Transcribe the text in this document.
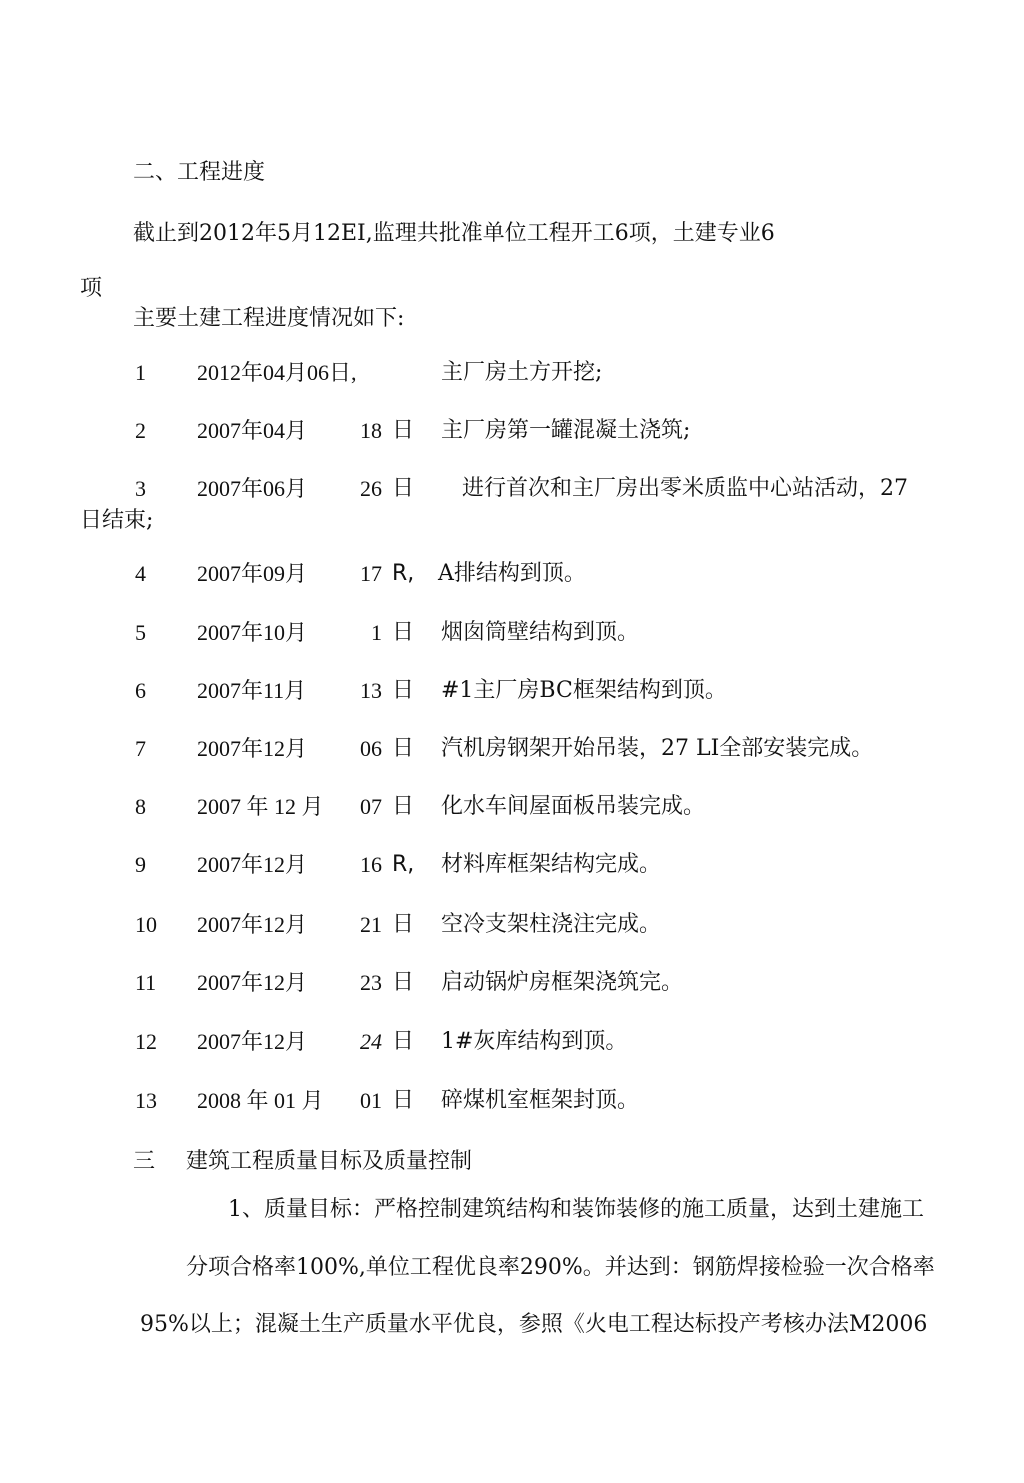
二、工程进度
截止到2012年5月12EI,监理共批准单位工程开工6项，土建专业6
项
主要土建工程进度情况如下:
1 2012年04月06日,	主厂房土方开挖;
2 2007年04月 18 日 主厂房第一罐混凝土浇筑;
3 2007年06月 26 日 进行首次和主厂房出零米质监中心站活动，27
日结束;
4 2007年09月 17 R, A排结构到顶。
5 2007年10月	1 日 烟囱筒壁结构到顶。
6 2007年11月 13 日 #1主厂房BC框架结构到顶。
7 2007年12月 06 日 汽机房钢架开始吊装，27 LI全部安装完成。
8 2007 年 12 月 07 日 化水车间屋面板吊装完成。
9 2007年12月 16 R, 材料库框架结构完成。
10 2007年12月 21 日 空冷支架柱浇注完成。
11 2007年12月 23 日 启动锅炉房框架浇筑完。
12 2007年12月 24 日 1#灰库结构到顶。
13 2008 年 01 月 01 日 碎煤机室框架封顶。
三 建筑工程质量目标及质量控制
1、质量目标：严格控制建筑结构和装饰装修的施工质量，达到土建施工
分项合格率100%,单位工程优良率290%。并达到：钢筋焊接检验一次合格率
95%以上；混凝土生产质量水平优良，参照《火电工程达标投产考核办法M2006
